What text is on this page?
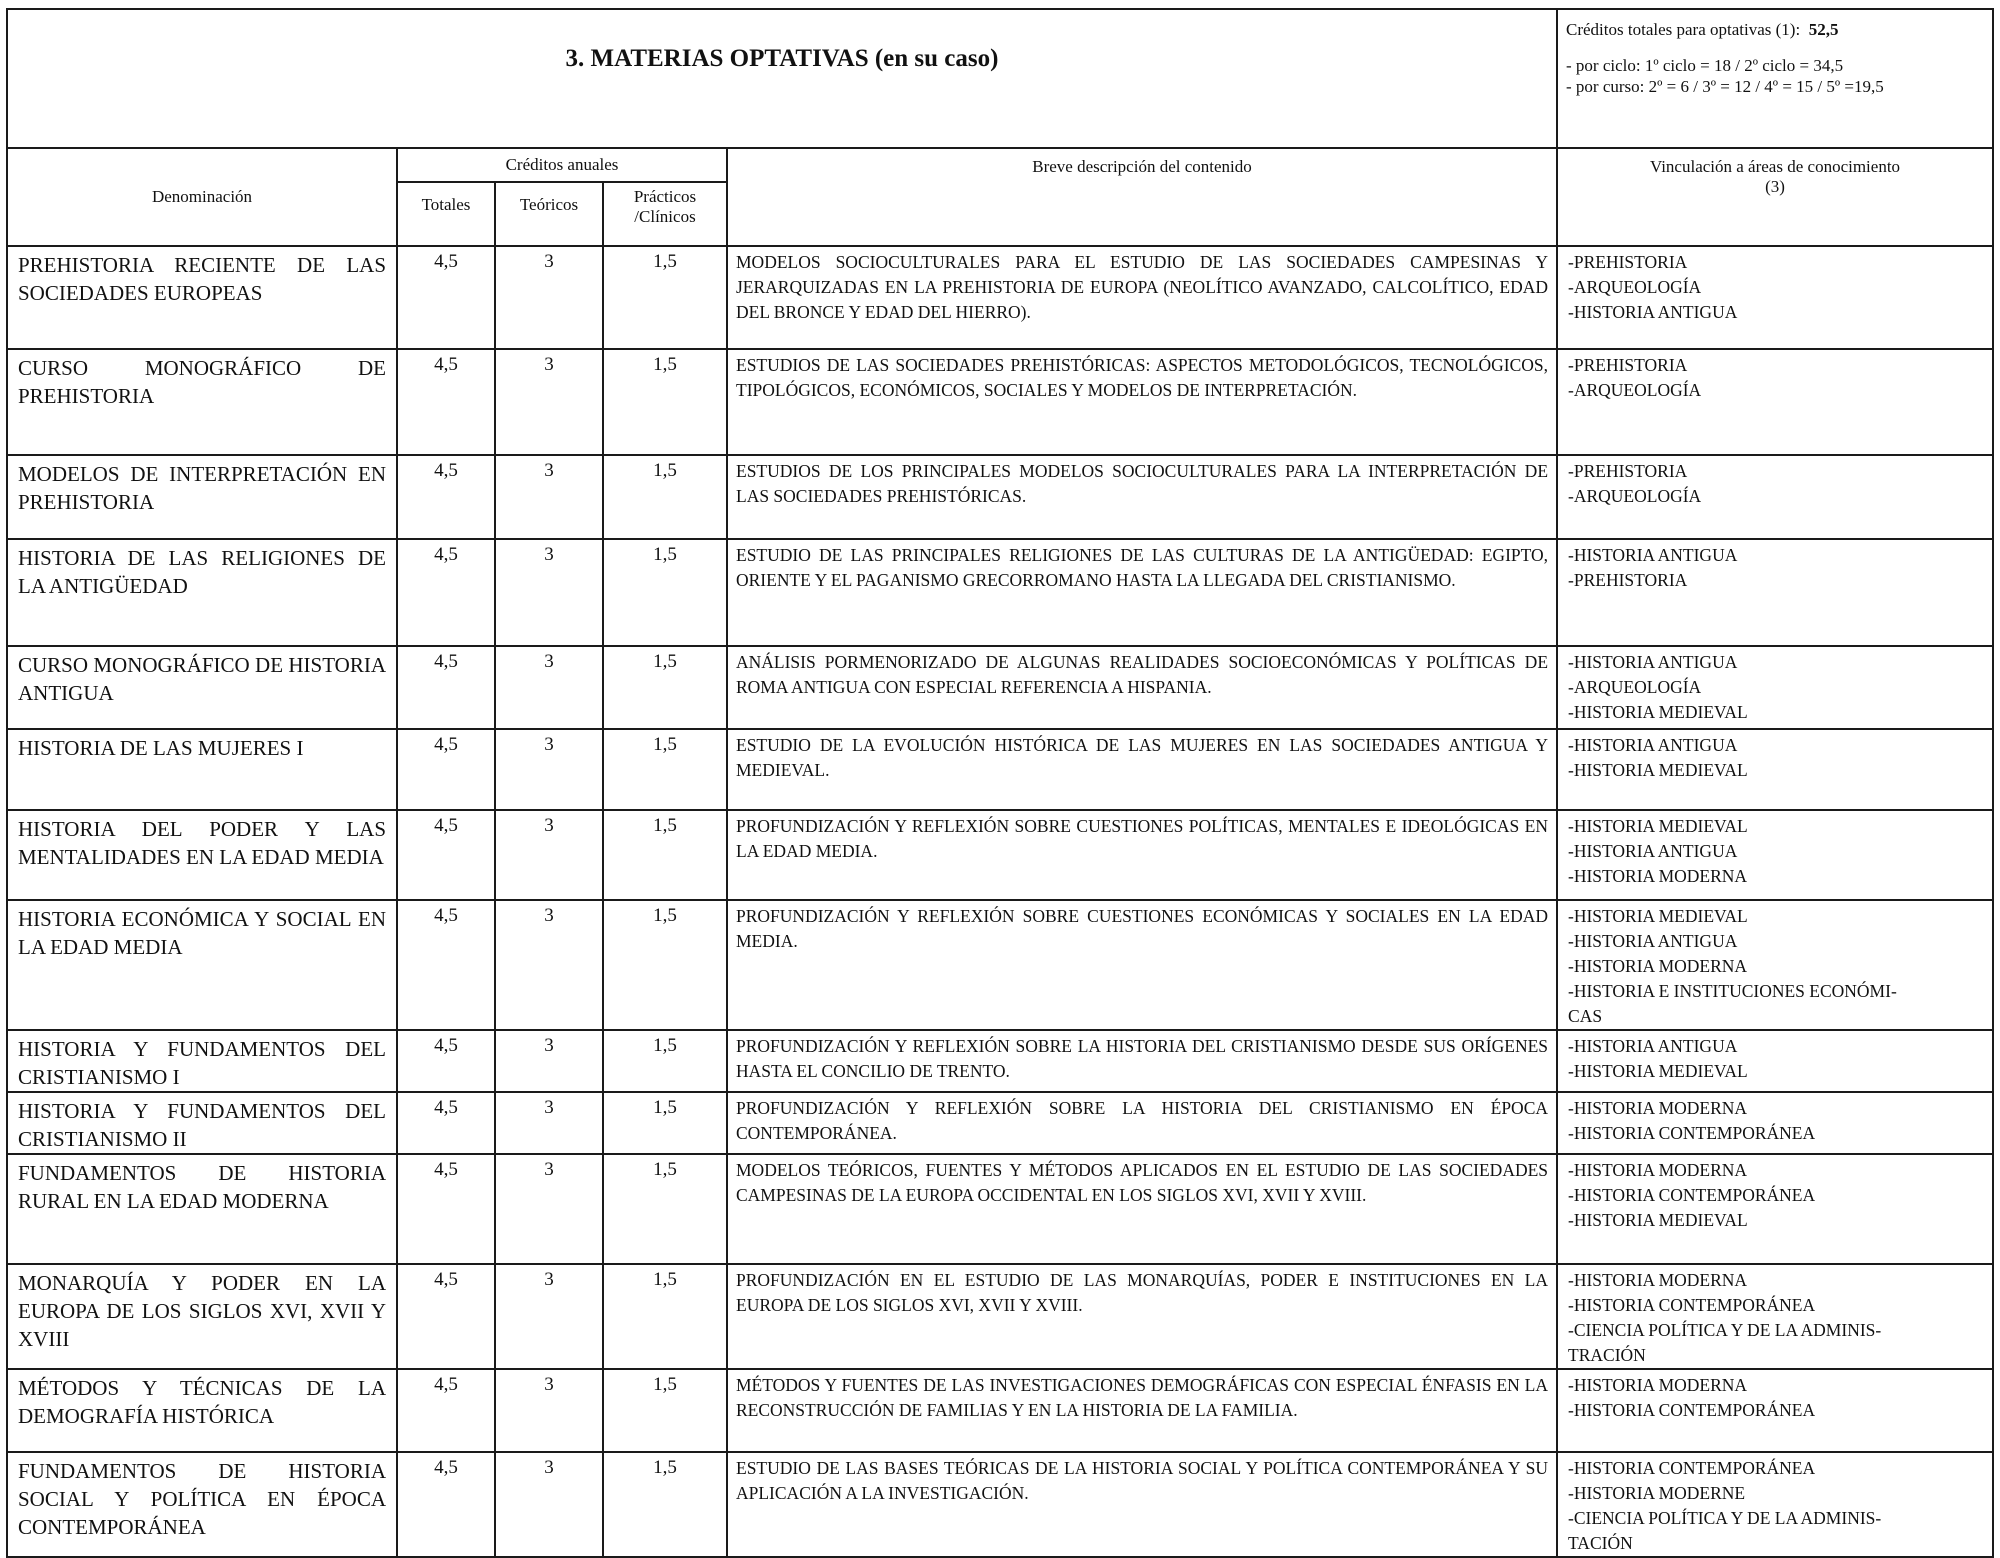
3. MATERIAS OPTATIVAS (en su caso)					Créditos totales para optativas (1): 52,5
- por ciclo: 1º ciclo = 18 / 2º ciclo = 34,5
- por curso: 2º = 6 / 3º = 12 / 4º = 15 / 5º =19,5

Denominación	Créditos anuales			Breve descripción del contenido	Vinculación a áreas de conocimiento
(3)

	Totales	Teóricos	Prácticos
/Clínicos		

PREHISTORIA RECIENTE DE LAS SOCIEDADES EUROPEAS	4,5	3	1,5	MODELOS SOCIOCULTURALES PARA EL ESTUDIO DE LAS SOCIEDADES CAMPESINAS Y JERARQUIZADAS EN LA PREHISTORIA DE EUROPA (NEOLÍTICO AVANZADO, CALCOLÍTICO, EDAD DEL BRONCE Y EDAD DEL HIERRO).	-PREHISTORIA
-ARQUEOLOGÍA
-HISTORIA ANTIGUA

CURSO MONOGRÁFICO DE PREHISTORIA	4,5	3	1,5	ESTUDIOS DE LAS SOCIEDADES PREHISTÓRICAS: ASPECTOS METODOLÓGICOS, TECNOLÓGICOS, TIPOLÓGICOS, ECONÓMICOS, SOCIALES Y MODELOS DE INTERPRETACIÓN.	-PREHISTORIA
-ARQUEOLOGÍA

MODELOS DE INTERPRETACIÓN EN PREHISTORIA	4,5	3	1,5	ESTUDIOS DE LOS PRINCIPALES MODELOS SOCIOCULTURALES PARA LA INTERPRETACIÓN DE LAS SOCIEDADES PREHISTÓRICAS.	-PREHISTORIA
-ARQUEOLOGÍA

HISTORIA DE LAS RELIGIONES DE LA ANTIGÜEDAD	4,5	3	1,5	ESTUDIO DE LAS PRINCIPALES RELIGIONES DE LAS CULTURAS DE LA ANTIGÜEDAD: EGIPTO, ORIENTE Y EL PAGANISMO GRECORROMANO HASTA LA LLEGADA DEL CRISTIANISMO.	-HISTORIA ANTIGUA
-PREHISTORIA

CURSO MONOGRÁFICO DE HISTORIA ANTIGUA	4,5	3	1,5	ANÁLISIS PORMENORIZADO DE ALGUNAS REALIDADES SOCIOECONÓMICAS Y POLÍTICAS DE ROMA ANTIGUA CON ESPECIAL REFERENCIA A HISPANIA.	-HISTORIA ANTIGUA
-ARQUEOLOGÍA
-HISTORIA MEDIEVAL

HISTORIA DE LAS MUJERES I	4,5	3	1,5	ESTUDIO DE LA EVOLUCIÓN HISTÓRICA DE LAS MUJERES EN LAS SOCIEDADES ANTIGUA Y MEDIEVAL.	-HISTORIA ANTIGUA
-HISTORIA MEDIEVAL

HISTORIA DEL PODER Y LAS MENTALIDADES EN LA EDAD MEDIA	4,5	3	1,5	PROFUNDIZACIÓN Y REFLEXIÓN SOBRE CUESTIONES POLÍTICAS, MENTALES E IDEOLÓGICAS EN LA EDAD MEDIA.	-HISTORIA MEDIEVAL
-HISTORIA ANTIGUA
-HISTORIA MODERNA

HISTORIA ECONÓMICA Y SOCIAL EN LA EDAD MEDIA	4,5	3	1,5	PROFUNDIZACIÓN Y REFLEXIÓN SOBRE CUESTIONES ECONÓMICAS Y SOCIALES EN LA EDAD MEDIA.	-HISTORIA MEDIEVAL
-HISTORIA ANTIGUA
-HISTORIA MODERNA
-HISTORIA E INSTITUCIONES ECONÓMI-
CAS

HISTORIA Y FUNDAMENTOS DEL CRISTIANISMO I	4,5	3	1,5	PROFUNDIZACIÓN Y REFLEXIÓN SOBRE LA HISTORIA DEL CRISTIANISMO DESDE SUS ORÍGENES HASTA EL CONCILIO DE TRENTO.	-HISTORIA ANTIGUA
-HISTORIA MEDIEVAL

HISTORIA Y FUNDAMENTOS DEL CRISTIANISMO II	4,5	3	1,5	PROFUNDIZACIÓN Y REFLEXIÓN SOBRE LA HISTORIA DEL CRISTIANISMO EN ÉPOCA CONTEMPORÁNEA.	-HISTORIA MODERNA
-HISTORIA CONTEMPORÁNEA

FUNDAMENTOS DE HISTORIA RURAL EN LA EDAD MODERNA	4,5	3	1,5	MODELOS TEÓRICOS, FUENTES Y MÉTODOS APLICADOS EN EL ESTUDIO DE LAS SOCIEDADES CAMPESINAS DE LA EUROPA OCCIDENTAL EN LOS SIGLOS XVI, XVII Y XVIII.	-HISTORIA MODERNA
-HISTORIA CONTEMPORÁNEA
-HISTORIA MEDIEVAL

MONARQUÍA Y PODER EN LA EUROPA DE LOS SIGLOS XVI, XVII Y XVIII	4,5	3	1,5	PROFUNDIZACIÓN EN EL ESTUDIO DE LAS MONARQUÍAS, PODER E INSTITUCIONES EN LA EUROPA DE LOS SIGLOS XVI, XVII Y XVIII.	-HISTORIA MODERNA
-HISTORIA CONTEMPORÁNEA
-CIENCIA POLÍTICA Y DE LA ADMINIS-
TRACIÓN

MÉTODOS Y TÉCNICAS DE LA DEMOGRAFÍA HISTÓRICA	4,5	3	1,5	MÉTODOS Y FUENTES DE LAS INVESTIGACIONES DEMOGRÁFICAS CON ESPECIAL ÉNFASIS EN LA RECONSTRUCCIÓN DE FAMILIAS Y EN LA HISTORIA DE LA FAMILIA.	-HISTORIA MODERNA
-HISTORIA CONTEMPORÁNEA

FUNDAMENTOS DE HISTORIA SOCIAL Y POLÍTICA EN ÉPOCA CONTEMPORÁNEA	4,5	3	1,5	ESTUDIO DE LAS BASES TEÓRICAS DE LA HISTORIA SOCIAL Y POLÍTICA CONTEMPORÁNEA Y SU APLICACIÓN A LA INVESTIGACIÓN.	-HISTORIA CONTEMPORÁNEA
-HISTORIA MODERNE
-CIENCIA POLÍTICA Y DE LA ADMINIS-
TACIÓN
